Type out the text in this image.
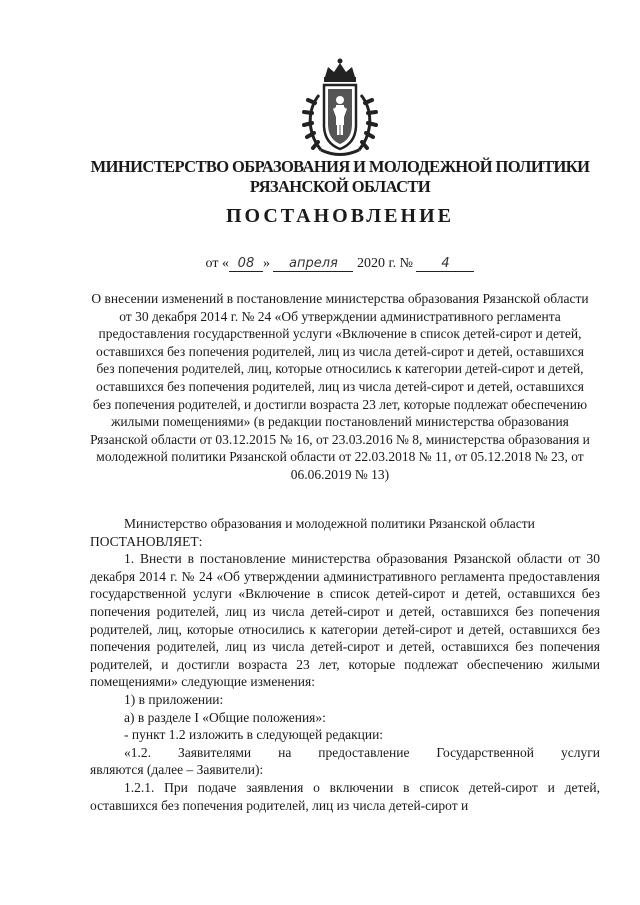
МИНИСТЕРСТВО ОБРАЗОВАНИЯ И МОЛОДЕЖНОЙ ПОЛИТИКИ
РЯЗАНСКОЙ ОБЛАСТИ
ПОСТАНОВЛЕНИЕ
от « 08 » апреля 2020 г. № 4
О внесении изменений в постановление министерства образования Рязанской области от 30 декабря 2014 г. № 24 «Об утверждении административного регламента предоставления государственной услуги «Включение в список детей-сирот и детей, оставшихся без попечения родителей, лиц из числа детей-сирот и детей, оставшихся без попечения родителей, лиц, которые относились к категории детей-сирот и детей, оставшихся без попечения родителей, лиц из числа детей-сирот и детей, оставшихся без попечения родителей, и достигли возраста 23 лет, которые подлежат обеспечению жилыми помещениями» (в редакции постановлений министерства образования Рязанской области от 03.12.2015 № 16, от 23.03.2016 № 8, министерства образования и молодежной политики Рязанской области от 22.03.2018 № 11, от 05.12.2018 № 23, от 06.06.2019 № 13)

Министерство образования и молодежной политики Рязанской области

ПОСТАНОВЛЯЕТ:

1. Внести в постановление министерства образования Рязанской области от 30 декабря 2014 г. № 24 «Об утверждении административного регламента предоставления государственной услуги «Включение в список детей-сирот и детей, оставшихся без попечения родителей, лиц из числа детей-сирот и детей, оставшихся без попечения родителей, лиц, которые относились к категории детей-сирот и детей, оставшихся без попечения родителей, лиц из числа детей-сирот и детей, оставшихся без попечения родителей, и достигли возраста 23 лет, которые подлежат обеспечению жилыми помещениями» следующие изменения:

1) в приложении:

а) в разделе I «Общие положения»:

- пункт 1.2 изложить в следующей редакции:

«1.2. Заявителями на предоставление Государственной услуги

являются (далее – Заявители):

1.2.1. При подаче заявления о включении в список детей-сирот и детей, оставшихся без попечения родителей, лиц из числа детей-сирот и
